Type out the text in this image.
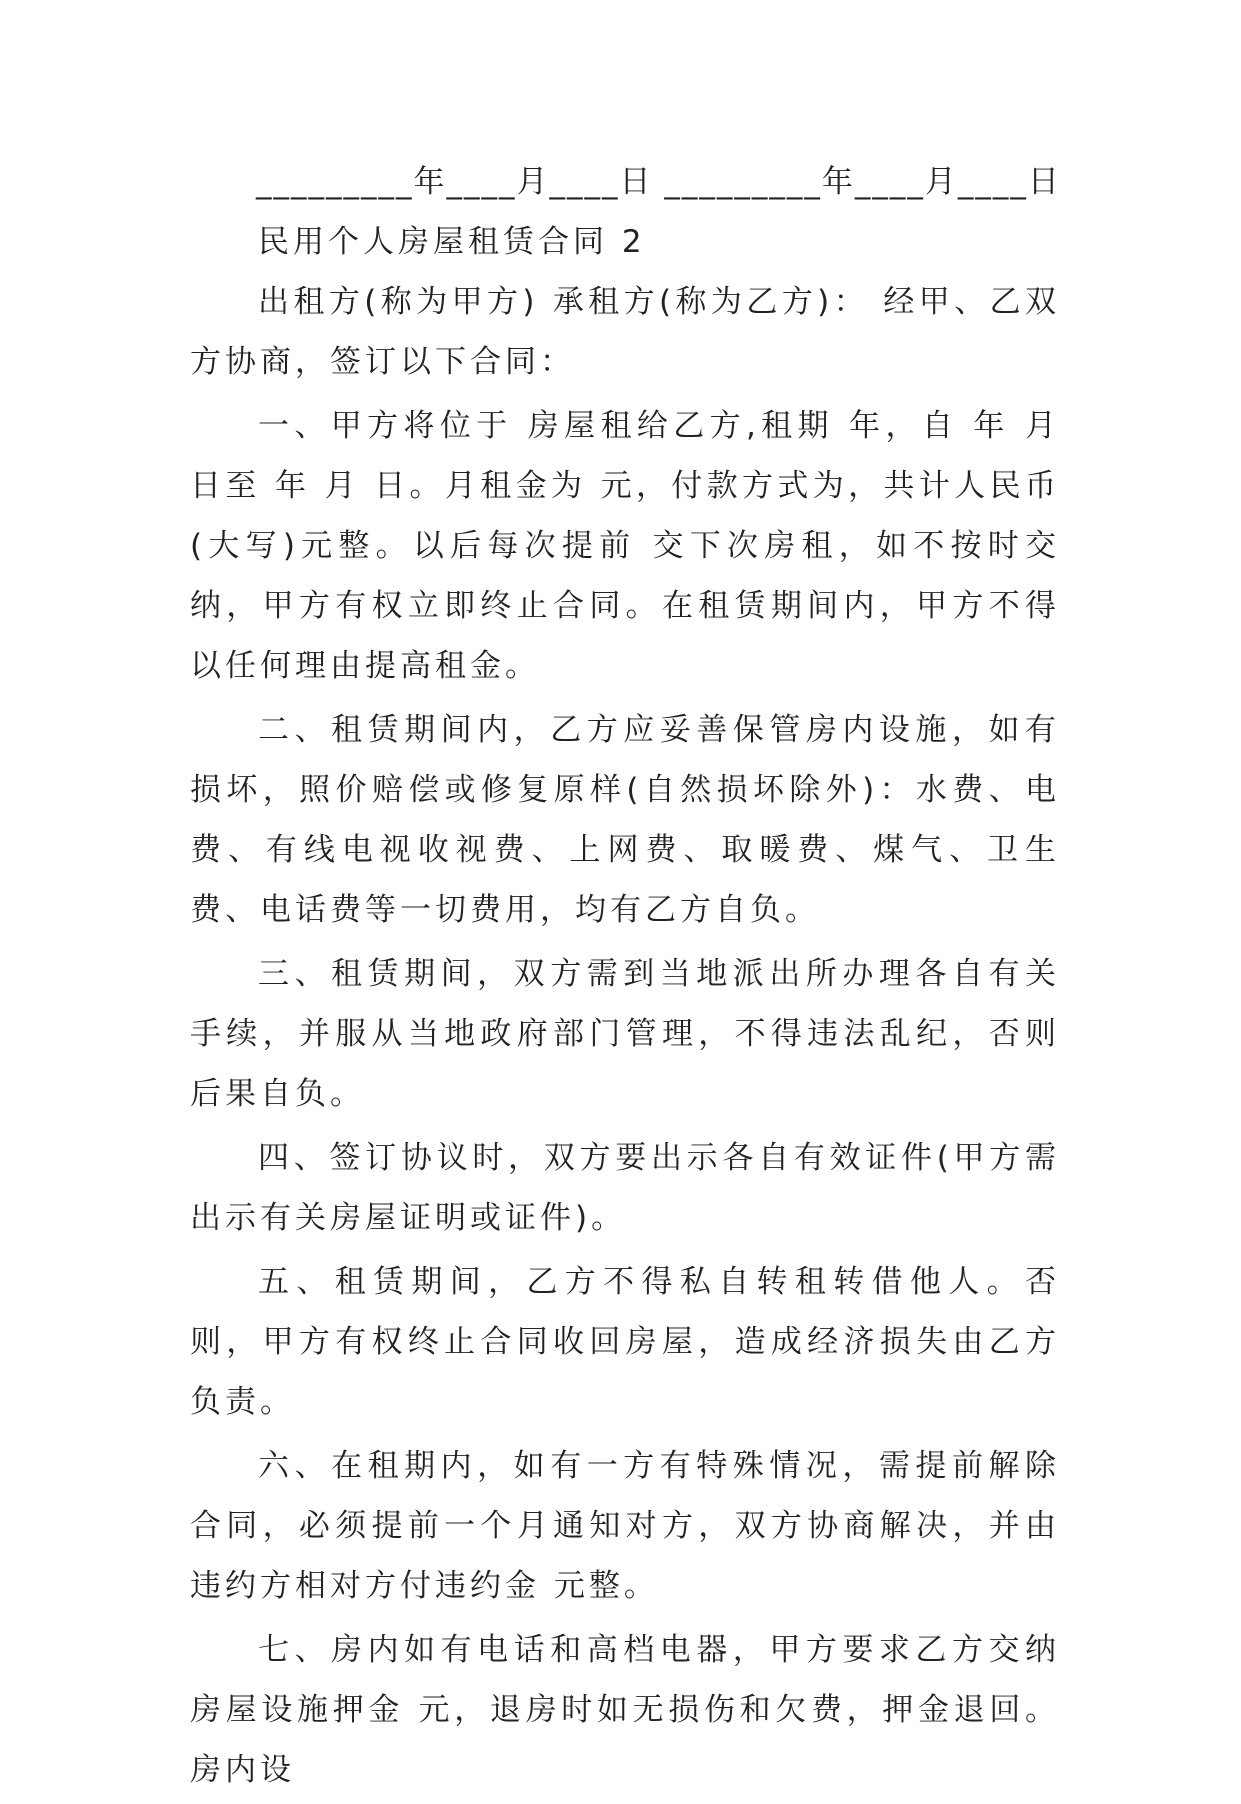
_________年____月____日 _________年____月____日

民用个人房屋租赁合同 2

出租方(称为甲方) 承租方(称为乙方)： 经甲、乙双方协商，签订以下合同：

一、甲方将位于 房屋租给乙方,租期 年，自 年 月 日至 年 月 日。月租金为 元，付款方式为，共计人民币(大写)元整。以后每次提前 交下次房租，如不按时交纳，甲方有权立即终止合同。在租赁期间内，甲方不得以任何理由提高租金。

二、租赁期间内，乙方应妥善保管房内设施，如有损坏，照价赔偿或修复原样(自然损坏除外)：水费、电费、有线电视收视费、上网费、取暖费、煤气、卫生费、电话费等一切费用，均有乙方自负。

三、租赁期间，双方需到当地派出所办理各自有关手续，并服从当地政府部门管理，不得违法乱纪，否则后果自负。

四、签订协议时，双方要出示各自有效证件(甲方需出示有关房屋证明或证件)。

五、租赁期间，乙方不得私自转租转借他人。否则，甲方有权终止合同收回房屋，造成经济损失由乙方负责。

六、在租期内，如有一方有特殊情况，需提前解除合同，必须提前一个月通知对方，双方协商解决，并由违约方相对方付违约金 元整。

七、房内如有电话和高档电器，甲方要求乙方交纳房屋设施押金 元，退房时如无损伤和欠费，押金退回。房内设
